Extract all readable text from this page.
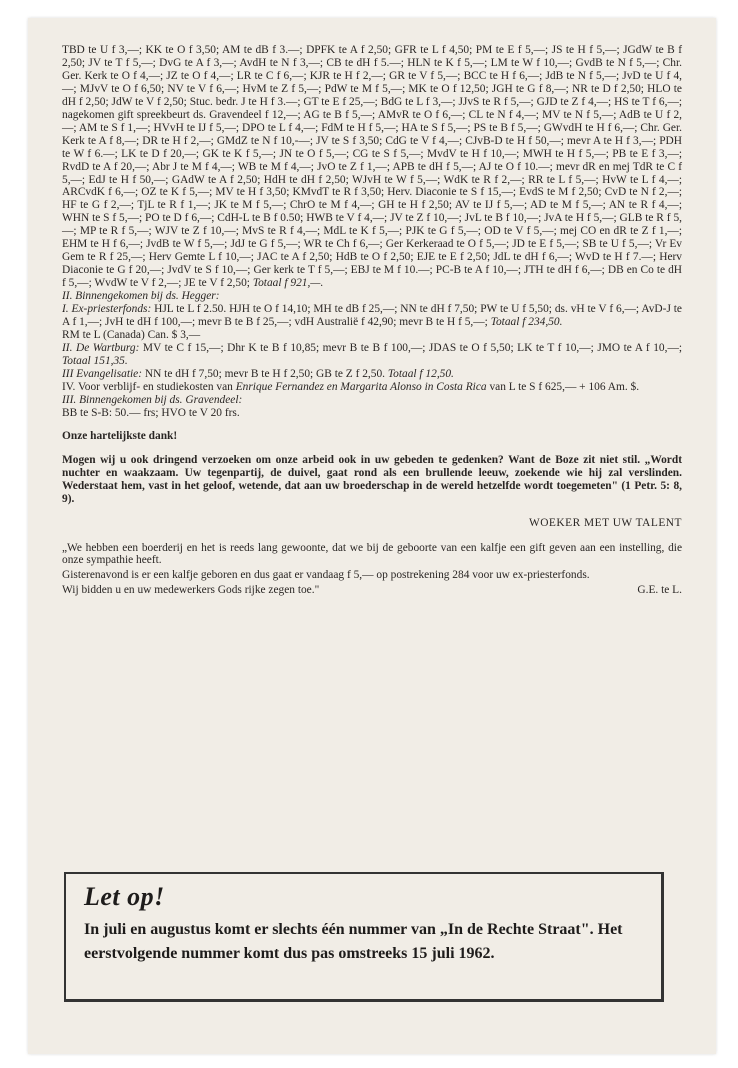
TBD te U f 3,—; KK te O f 3,50; AM te dB f 3.—; DPFK te A f 2,50; GFR te L f 4,50; PM te E f 5,—; JS te H f 5,—; JGdW te B f 2,50; JV te T f 5,—; DvG te A f 3,—; AvdH te N f 3,—; CB te dH f 5.—; HLN te K f 5,—; LM te W f 10,—; GvdB te N f 5,—; Chr. Ger. Kerk te O f 4,—; JZ te O f 4,—; LR te C f 6,—; KJR te H f 2,—; GR te V f 5,—; BCC te H f 6,—; JdB te N f 5,—; JvD te U f 4,—; MJvV te O f 6,50; NV te V f 6,—; HvM te Z f 5,—; PdW te M f 5,—; MK te O f 12,50; JGH te G f 8,—; NR te D f 2,50; HLO te dH f 2,50; JdW te V f 2,50; Stuc. bedr. J te H f 3.—; GT te E f 25,—; BdG te L f 3,—; JJvS te R f 5,—; GJD te Z f 4,—; HS te T f 6,—; nagekomen gift spreekbeurt ds. Gravendeel f 12,—; AG te B f 5,—; AMvR te O f 6,—; CL te N f 4,—; MV te N f 5,—; AdB te U f 2,—; AM te S f 1,—; HVvH te IJ f 5,—; DPO te L f 4,—; FdM te H f 5,—; HA te S f 5,—; PS te B f 5,—; GWvdH te H f 6,—; Chr. Ger. Kerk te A f 8,—; DR te H f 2,—; GMdZ te N f 10,-—; JV te S f 3,50; CdG te V f 4,—; CJvB-D te H f 50,—; mevr A te H f 3,—; PDH te W f 6.—; LK te D f 20,—; GK te K f 5,—; JN te O f 5,—; CG te S f 5,—; MvdV te H f 10,—; MWH te H f 5,—; PB te E f 3,—; RvdD te A f 20,—; Abr J te M f 4,—; WB te M f 4,—; JvO te Z f 1,—; APB te dH f 5,—; AJ te O f 10.—; mevr dR en mej TdR te C f 5,—; EdJ te H f 50,—; GAdW te A f 2,50; HdH te dH f 2,50; WJvH te W f 5,—; WdK te R f 2,—; RR te L f 5,—; HvW te L f 4,—; ARCvdK f 6,—; OZ te K f 5,—; MV te H f 3,50; KMvdT te R f 3,50; Herv. Diaconie te S f 15,—; EvdS te M f 2,50; CvD te N f 2,—; HF te G f 2,—; TjL te R f 1,—; JK te M f 5,—; ChrO te M f 4,—; GH te H f 2,50; AV te IJ f 5,—; AD te M f 5,—; AN te R f 4,—; WHN te S f 5,—; PO te D f 6,—; CdH-L te B f 0.50; HWB te V f 4,—; JV te Z f 10,—; JvL te B f 10,—; JvA te H f 5,—; GLB te R f 5,—; MP te R f 5,—; WJV te Z f 10,—; MvS te R f 4,—; MdL te K f 5,—; PJK te G f 5,—; OD te V f 5,—; mej CO en dR te Z f 1,—; EHM te H f 6,—; JvdB te W f 5,—; JdJ te G f 5,—; WR te Ch f 6,—; Ger Kerkeraad te O f 5,—; JD te E f 5,—; SB te U f 5,—; Vr Ev Gem te R f 25,—; Herv Gemte L f 10,—; JAC te A f 2,50; HdB te O f 2,50; EJE te E f 2,50; JdL te dH f 6,—; WvD te H f 7.—; Herv Diaconie te G f 20,—; JvdV te S f 10,—; Ger kerk te T f 5,—; EBJ te M f 10.—; PC-B te A f 10,—; JTH te dH f 6,—; DB en Co te dH f 5,—; WvdW te V f 2,—; JE te V f 2,50; Totaal f 921,—.

II. Binnengekomen bij ds. Hegger:

I. Ex-priesterfonds: HJL te L f 2.50. HJH te O f 14,10; MH te dB f 25,—; NN te dH f 7,50; PW te U f 5,50; ds. vH te V f 6,—; AvD-J te A f 1,—; JvH te dH f 100,—; mevr B te B f 25,—; vdH Australië f 42,90; mevr B te H f 5,—; Totaal f 234,50.

RM te L (Canada) Can. $ 3,—

II. De Wartburg: MV te C f 15,—; Dhr K te B f 10,85; mevr B te B f 100,—; JDAS te O f 5,50; LK te T f 10,—; JMO te A f 10,—; Totaal 151,35.

III Evangelisatie: NN te dH f 7,50; mevr B te H f 2,50; GB te Z f 2,50. Totaal f 12,50.

IV. Voor verblijf- en studiekosten van Enrique Fernandez en Margarita Alonso in Costa Rica van L te S f 625,— + 106 Am. $.

III. Binnengekomen bij ds. Gravendeel:

BB te S-B: 50.— frs; HVO te V 20 frs.

Onze hartelijkste dank!

Mogen wij u ook dringend verzoeken om onze arbeid ook in uw gebeden te gedenken? Want de Boze zit niet stil. „Wordt nuchter en waakzaam. Uw tegenpartij, de duivel, gaat rond als een brullende leeuw, zoekende wie hij zal verslinden. Wederstaat hem, vast in het geloof, wetende, dat aan uw broederschap in de wereld hetzelfde wordt toegemeten" (1 Petr. 5: 8, 9).

WOEKER MET UW TALENT

„We hebben een boerderij en het is reeds lang gewoonte, dat we bij de geboorte van een kalfje een gift geven aan een instelling, die onze sympathie heeft.

Gisterenavond is er een kalfje geboren en dus gaat er vandaag f 5,— op postrekening 284 voor uw ex-priesterfonds.

Wij bidden u en uw medewerkers Gods rijke zegen toe."	G.E. te L.

Let op!

In juli en augustus komt er slechts één nummer van „In de Rechte Straat". Het eerstvolgende nummer komt dus pas omstreeks 15 juli 1962.
